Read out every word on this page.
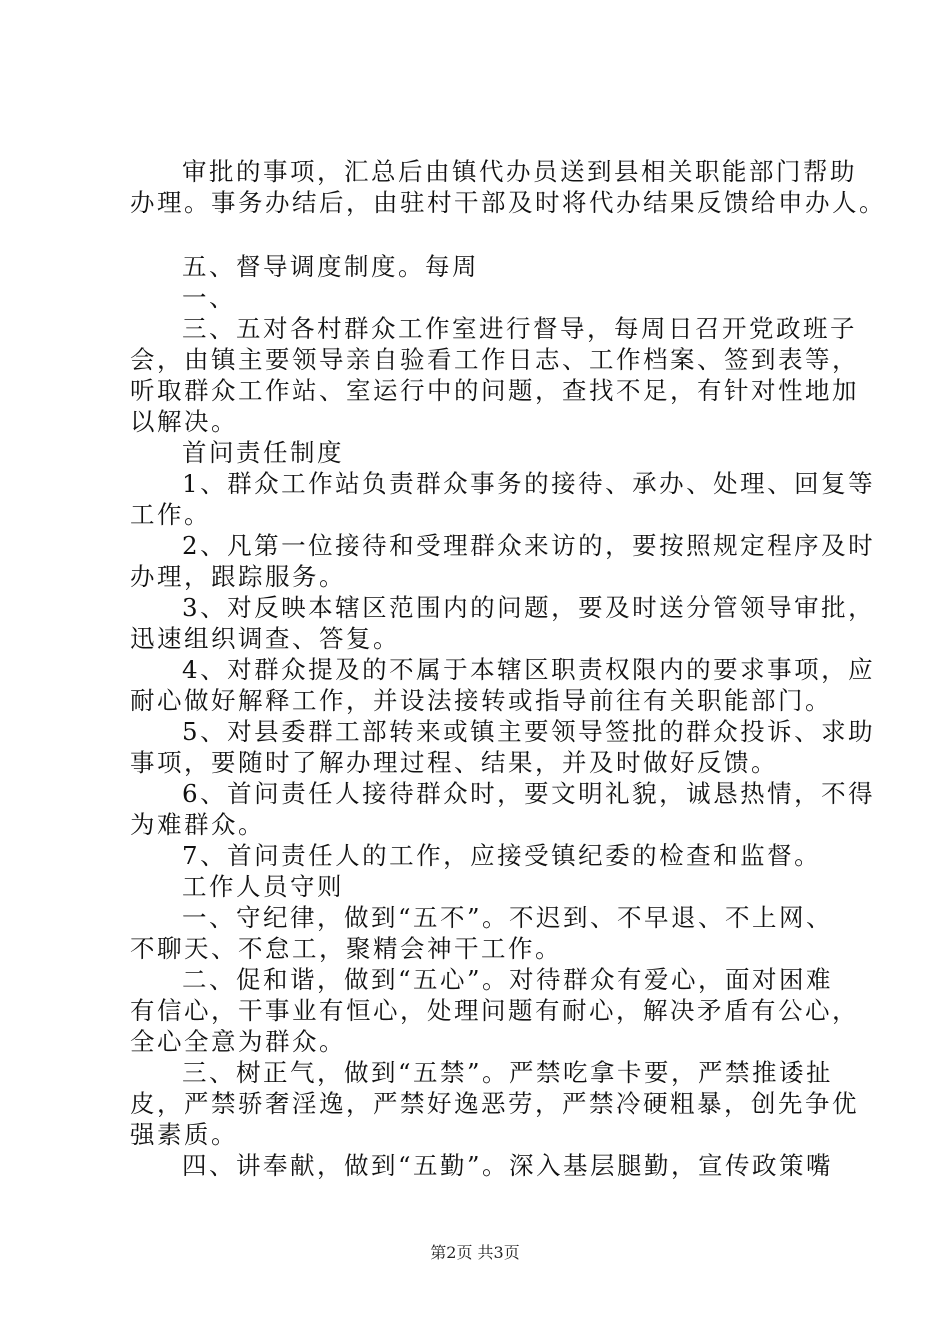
审批的事项，汇总后由镇代办员送到县相关职能部门帮助

办理。事务办结后，由驻村干部及时将代办结果反馈给申办人。

五、督导调度制度。每周

一、

三、五对各村群众工作室进行督导，每周日召开党政班子

会，由镇主要领导亲自验看工作日志、工作档案、签到表等，

听取群众工作站、室运行中的问题，查找不足，有针对性地加

以解决。

首问责任制度

1、群众工作站负责群众事务的接待、承办、处理、回复等

工作。

2、凡第一位接待和受理群众来访的，要按照规定程序及时

办理，跟踪服务。

3、对反映本辖区范围内的问题，要及时送分管领导审批，

迅速组织调查、答复。

4、对群众提及的不属于本辖区职责权限内的要求事项，应

耐心做好解释工作，并设法接转或指导前往有关职能部门。

5、对县委群工部转来或镇主要领导签批的群众投诉、求助

事项，要随时了解办理过程、结果，并及时做好反馈。

6、首问责任人接待群众时，要文明礼貌，诚恳热情，不得

为难群众。

7、首问责任人的工作，应接受镇纪委的检查和监督。

工作人员守则

一、守纪律，做到“五不”。不迟到、不早退、不上网、

不聊天、不怠工，聚精会神干工作。

二、促和谐，做到“五心”。对待群众有爱心，面对困难

有信心，干事业有恒心，处理问题有耐心，解决矛盾有公心，

全心全意为群众。

三、树正气，做到“五禁”。严禁吃拿卡要，严禁推诿扯

皮，严禁骄奢淫逸，严禁好逸恶劳，严禁冷硬粗暴，创先争优

强素质。

四、讲奉献，做到“五勤”。深入基层腿勤，宣传政策嘴

第2页 共3页
